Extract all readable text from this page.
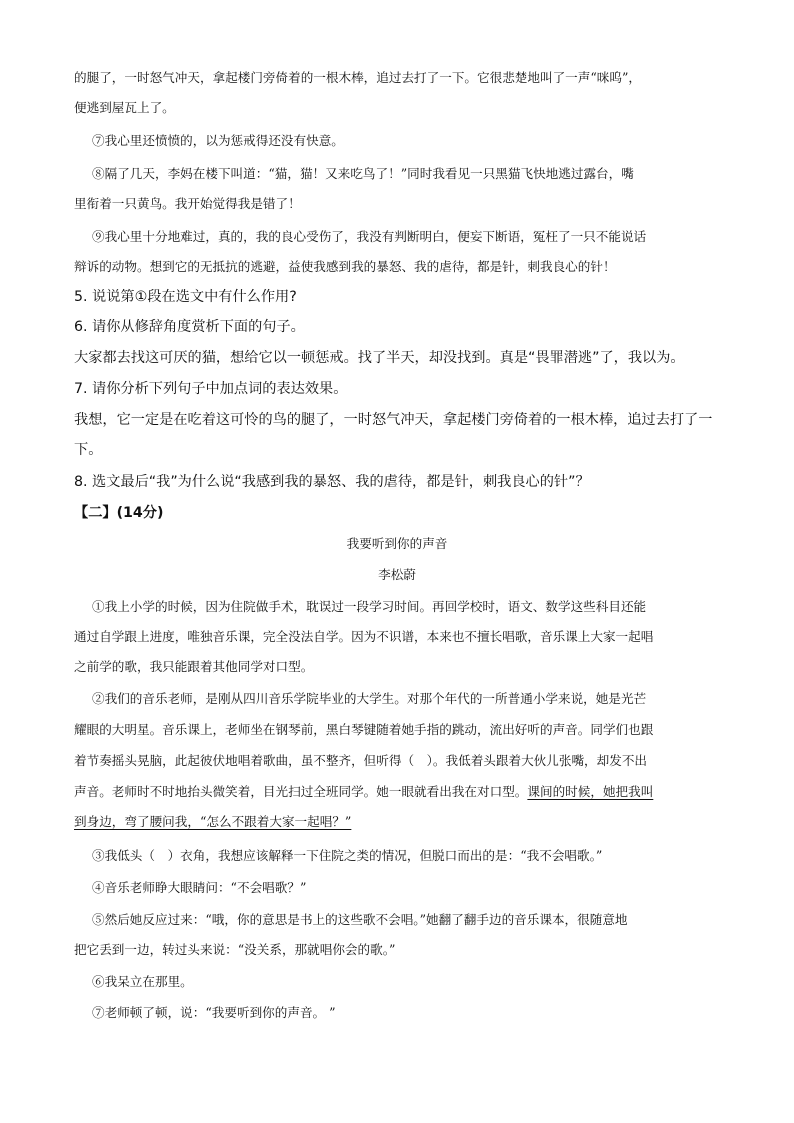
的腿了，一时怒气冲天，拿起楼门旁倚着的一根木棒，追过去打了一下。它很悲楚地叫了一声“咪呜”，
便逃到屋瓦上了。
⑦我心里还愤愤的，以为惩戒得还没有快意。
⑧隔了几天，李妈在楼下叫道：“猫，猫！又来吃鸟了！”同时我看见一只黑猫飞快地逃过露台，嘴
里衔着一只黄鸟。我开始觉得我是错了！
⑨我心里十分地难过，真的，我的良心受伤了，我没有判断明白，便妄下断语，冤枉了一只不能说话
辩诉的动物。想到它的无抵抗的逃避，益使我感到我的暴怒、我的虐待，都是针，刺我良心的针！
5. 说说第①段在选文中有什么作用?
6. 请你从修辞角度赏析下面的句子。
大家都去找这可厌的猫，想给它以一顿惩戒。找了半天，却没找到。真是“畏罪潜逃”了，我以为。
7. 请你分析下列句子中加点词的表达效果。
我想，它一定是在吃着这可怜的鸟的腿了，一时怒气冲天，拿起楼门旁倚着的一根木棒，追过去打了一
下。
8. 选文最后“我”为什么说“我感到我的暴怒、我的虐待，都是针，刺我良心的针”？
【二】(14分)
我要听到你的声音
李松蔚
①我上小学的时候，因为住院做手术，耽误过一段学习时间。再回学校时，语文、数学这些科目还能
通过自学跟上进度，唯独音乐课，完全没法自学。因为不识谱，本来也不擅长唱歌，音乐课上大家一起唱
之前学的歌，我只能跟着其他同学对口型。
②我们的音乐老师，是刚从四川音乐学院毕业的大学生。对那个年代的一所普通小学来说，她是光芒
耀眼的大明星。音乐课上，老师坐在钢琴前，黑白琴键随着她手指的跳动，流出好听的声音。同学们也跟
着节奏摇头晃脑，此起彼伏地唱着歌曲，虽不整齐，但听得（　）。我低着头跟着大伙儿张嘴，却发不出
声音。老师时不时地抬头微笑着，目光扫过全班同学。她一眼就看出我在对口型。课间的时候，她把我叫
到身边，弯了腰问我，“怎么不跟着大家一起唱？”
③我低头（　）衣角，我想应该解释一下住院之类的情况，但脱口而出的是：“我不会唱歌。”
④音乐老师睁大眼睛问：“不会唱歌？”
⑤然后她反应过来：“哦，你的意思是书上的这些歌不会唱。”她翻了翻手边的音乐课本，很随意地
把它丢到一边，转过头来说：“没关系，那就唱你会的歌。”
⑥我呆立在那里。
⑦老师顿了顿，说：“我要听到你的声音。 ”
